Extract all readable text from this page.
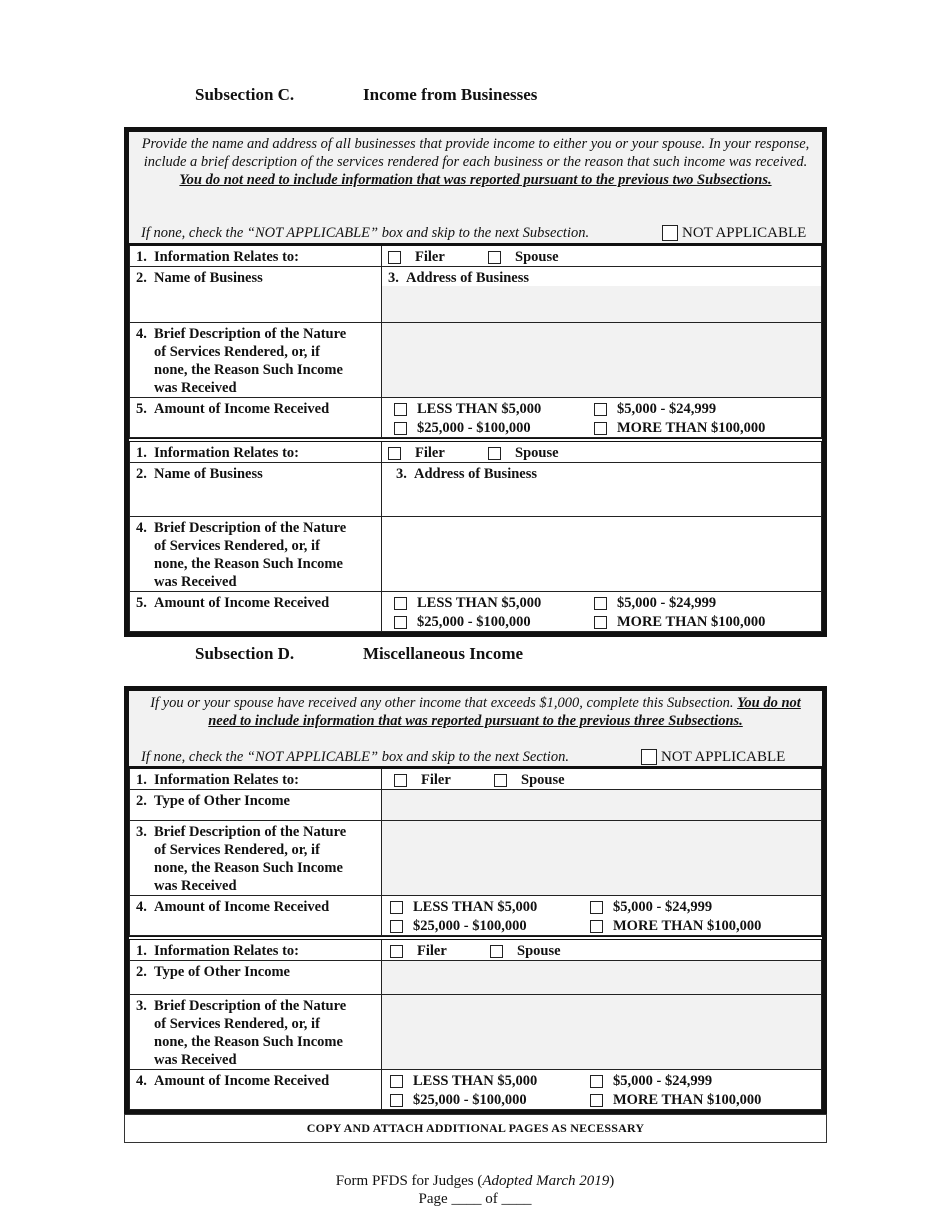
Subsection C.	Income from Businesses
Provide the name and address of all businesses that provide income to either you or your spouse. In your response, include a brief description of the services rendered for each business or the reason that such income was received. You do not need to include information that was reported pursuant to the previous two Subsections.
If none, check the “NOT APPLICABLE” box and skip to the next Subsection.	NOT APPLICABLE
1. Information Relates to:	Filer Spouse

2. Name of Business	3. Address of Business

4. Brief Description of the Nature
of Services Rendered, or, if
none, the Reason Such Income
was Received	

5. Amount of Income Received	LESS THAN $5,000 $5,000 - $24,999
$25,000 - $100,000 MORE THAN $100,000
1. Information Relates to:	Filer Spouse

2. Name of Business	3. Address of Business
4. Brief Description of the Nature
of Services Rendered, or, if
none, the Reason Such Income
was Received	

5. Amount of Income Received	LESS THAN $5,000 $5,000 - $24,999
$25,000 - $100,000 MORE THAN $100,000
Subsection D.	Miscellaneous Income
If you or your spouse have received any other income that exceeds $1,000, complete this Subsection. You do not need to include information that was reported pursuant to the previous three Subsections.
If none, check the “NOT APPLICABLE” box and skip to the next Section.	NOT APPLICABLE
1. Information Relates to:	Filer Spouse

2. Type of Other Income	
3. Brief Description of the Nature
of Services Rendered, or, if
none, the Reason Such Income
was Received	

4. Amount of Income Received	LESS THAN $5,000 $5,000 - $24,999
$25,000 - $100,000 MORE THAN $100,000
1. Information Relates to:	Filer Spouse

2. Type of Other Income	
3. Brief Description of the Nature
of Services Rendered, or, if
none, the Reason Such Income
was Received	

4. Amount of Income Received	LESS THAN $5,000 $5,000 - $24,999
$25,000 - $100,000 MORE THAN $100,000
COPY AND ATTACH ADDITIONAL PAGES AS NECESSARY
Form PFDS for Judges (Adopted March 2019)
Page ____ of ____
